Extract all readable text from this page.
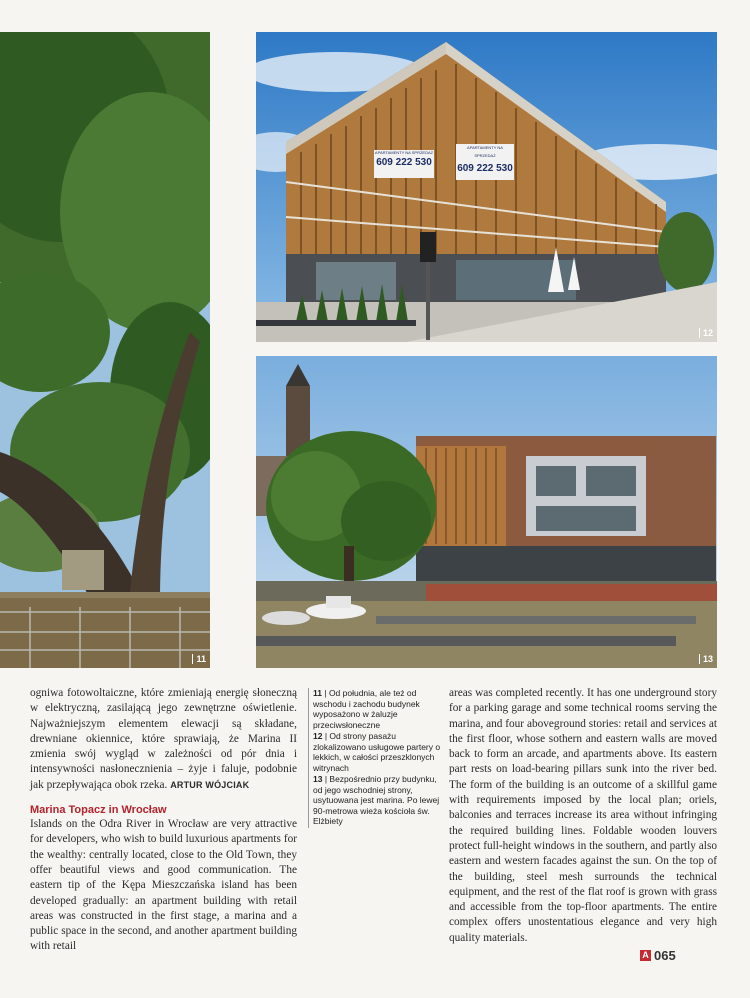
11
APARTAMENTY NA SPRZEDAŻ
609 222 530
APARTAMENTY NA SPRZEDAŻ
609 222 530
12
13

ogniwa fotowoltaiczne, które zmieniają energię słoneczną w elektryczną, zasilającą jego zewnętrzne oświetlenie. Najważniejszym elementem elewacji są składane, drewniane okiennice, które sprawiają, że Marina II zmienia swój wygląd w zależności od pór dnia i intensywności nasłonecznienia – żyje i faluje, podobnie jak przepływająca obok rzeka. ARTUR WÓJCIAK

Marina Topacz in Wrocław

Islands on the Odra River in Wrocław are very attractive for developers, who wish to build luxurious apartments for the wealthy: centrally located, close to the Old Town, they offer beautiful views and good communication. The eastern tip of the Kępa Mieszczańska island has been developed gradually: an apartment building with retail areas was constructed in the first stage, a marina and a public space in the second, and another apartment building with retail

11 | Od południa, ale też od wschodu i zachodu budynek wyposażono w żaluzje przeciwsłoneczne

12 | Od strony pasażu zlokalizowano usługowe partery o lekkich, w całości przeszklonych witrynach

13 | Bezpośrednio przy budynku, od jego wschodniej strony, usytuowana jest marina. Po lewej 90-metrowa wieża kościoła św. Elżbiety

areas was completed recently. It has one underground story for a parking garage and some technical rooms serving the marina, and four aboveground stories: retail and services at the first floor, whose sothern and eastern walls are moved back to form an arcade, and apartments above. Its eastern part rests on load-bearing pillars sunk into the river bed. The form of the building is an outcome of a skillful game with requirements imposed by the local plan; oriels, balconies and terraces increase its area without infringing the required building lines. Foldable wooden louvers protect full-height windows in the southern, and partly also eastern and western facades against the sun. On the top of the building, steel mesh surrounds the technical equipment, and the rest of the flat roof is grown with grass and accessible from the top-floor apartments. The entire complex offers unostentatious elegance and very high quality materials.

A 065
